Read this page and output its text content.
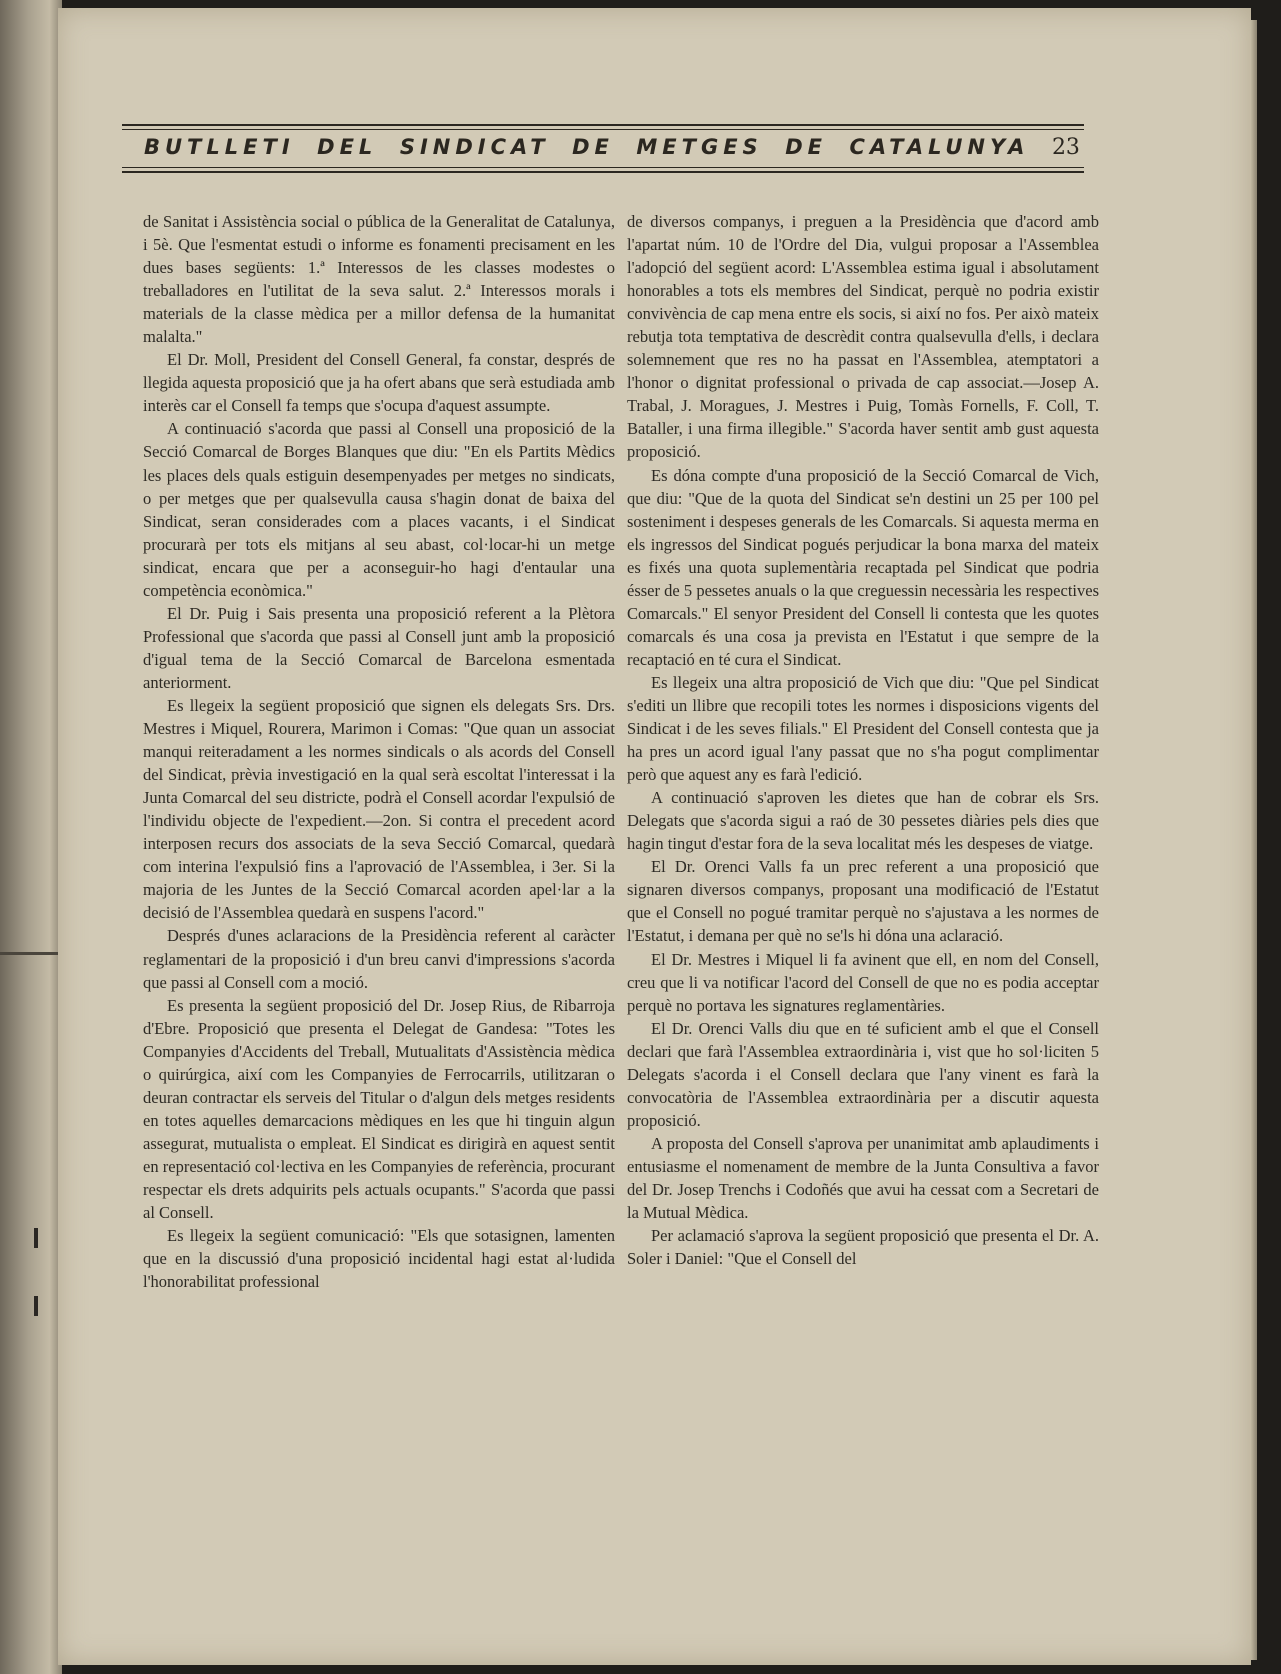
BUTLLETI DEL SINDICAT DE METGES DE CATALUNYA 23

de Sanitat i Assistència social o pública de la Generalitat de Catalunya, i 5è. Que l'esmentat estudi o informe es fonamenti precisament en les dues bases següents: 1.ª Interessos de les classes modestes o treballadores en l'utilitat de la seva salut. 2.ª Interessos morals i materials de la classe mèdica per a millor defensa de la humanitat malalta."

El Dr. Moll, President del Consell General, fa constar, després de llegida aquesta proposició que ja ha ofert abans que serà estudiada amb interès car el Consell fa temps que s'ocupa d'aquest assumpte.

A continuació s'acorda que passi al Consell una proposició de la Secció Comarcal de Borges Blanques que diu: "En els Partits Mèdics les places dels quals estiguin desempenyades per metges no sindicats, o per metges que per qualsevulla causa s'hagin donat de baixa del Sindicat, seran considerades com a places vacants, i el Sindicat procurarà per tots els mitjans al seu abast, col·locar-hi un metge sindicat, encara que per a aconseguir-ho hagi d'entaular una competència econòmica."

El Dr. Puig i Sais presenta una proposició referent a la Plètora Professional que s'acorda que passi al Consell junt amb la proposició d'igual tema de la Secció Comarcal de Barcelona esmentada anteriorment.

Es llegeix la següent proposició que signen els delegats Srs. Drs. Mestres i Miquel, Rourera, Marimon i Comas: "Que quan un associat manqui reiteradament a les normes sindicals o als acords del Consell del Sindicat, prèvia investigació en la qual serà escoltat l'interessat i la Junta Comarcal del seu districte, podrà el Consell acordar l'expulsió de l'individu objecte de l'expedient.—2on. Si contra el precedent acord interposen recurs dos associats de la seva Secció Comarcal, quedarà com interina l'expulsió fins a l'aprovació de l'Assemblea, i 3er. Si la majoria de les Juntes de la Secció Comarcal acorden apel·lar a la decisió de l'Assemblea quedarà en suspens l'acord."

Després d'unes aclaracions de la Presidència referent al caràcter reglamentari de la proposició i d'un breu canvi d'impressions s'acorda que passi al Consell com a moció.

Es presenta la següent proposició del Dr. Josep Rius, de Ribarroja d'Ebre. Proposició que presenta el Delegat de Gandesa: "Totes les Companyies d'Accidents del Treball, Mutualitats d'Assistència mèdica o quirúrgica, així com les Companyies de Ferrocarrils, utilitzaran o deuran contractar els serveis del Titular o d'algun dels metges residents en totes aquelles demarcacions mèdiques en les que hi tinguin algun assegurat, mutualista o empleat. El Sindicat es dirigirà en aquest sentit en representació col·lectiva en les Companyies de referència, procurant respectar els drets adquirits pels actuals ocupants." S'acorda que passi al Consell.

Es llegeix la següent comunicació: "Els que sotasignen, lamenten que en la discussió d'una proposició incidental hagi estat al·ludida l'honorabilitat professional

de diversos companys, i preguen a la Presidència que d'acord amb l'apartat núm. 10 de l'Ordre del Dia, vulgui proposar a l'Assemblea l'adopció del següent acord: L'Assemblea estima igual i absolutament honorables a tots els membres del Sindicat, perquè no podria existir convivència de cap mena entre els socis, si així no fos. Per això mateix rebutja tota temptativa de descrèdit contra qualsevulla d'ells, i declara solemnement que res no ha passat en l'Assemblea, atemptatori a l'honor o dignitat professional o privada de cap associat.—Josep A. Trabal, J. Moragues, J. Mestres i Puig, Tomàs Fornells, F. Coll, T. Bataller, i una firma illegible." S'acorda haver sentit amb gust aquesta proposició.

Es dóna compte d'una proposició de la Secció Comarcal de Vich, que diu: "Que de la quota del Sindicat se'n destini un 25 per 100 pel sosteniment i despeses generals de les Comarcals. Si aquesta merma en els ingressos del Sindicat pogués perjudicar la bona marxa del mateix es fixés una quota suplementària recaptada pel Sindicat que podria ésser de 5 pessetes anuals o la que creguessin necessària les respectives Comarcals." El senyor President del Consell li contesta que les quotes comarcals és una cosa ja prevista en l'Estatut i que sempre de la recaptació en té cura el Sindicat.

Es llegeix una altra proposició de Vich que diu: "Que pel Sindicat s'editi un llibre que recopili totes les normes i disposicions vigents del Sindicat i de les seves filials." El President del Consell contesta que ja ha pres un acord igual l'any passat que no s'ha pogut complimentar però que aquest any es farà l'edició.

A continuació s'aproven les dietes que han de cobrar els Srs. Delegats que s'acorda sigui a raó de 30 pessetes diàries pels dies que hagin tingut d'estar fora de la seva localitat més les despeses de viatge.

El Dr. Orenci Valls fa un prec referent a una proposició que signaren diversos companys, proposant una modificació de l'Estatut que el Consell no pogué tramitar perquè no s'ajustava a les normes de l'Estatut, i demana per què no se'ls hi dóna una aclaració.

El Dr. Mestres i Miquel li fa avinent que ell, en nom del Consell, creu que li va notificar l'acord del Consell de que no es podia acceptar perquè no portava les signatures reglamentàries.

El Dr. Orenci Valls diu que en té suficient amb el que el Consell declari que farà l'Assemblea extraordinària i, vist que ho sol·liciten 5 Delegats s'acorda i el Consell declara que l'any vinent es farà la convocatòria de l'Assemblea extraordinària per a discutir aquesta proposició.

A proposta del Consell s'aprova per unanimitat amb aplaudiments i entusiasme el nomenament de membre de la Junta Consultiva a favor del Dr. Josep Trenchs i Codoñés que avui ha cessat com a Secretari de la Mutual Mèdica.

Per aclamació s'aprova la següent proposició que presenta el Dr. A. Soler i Daniel: "Que el Consell del
